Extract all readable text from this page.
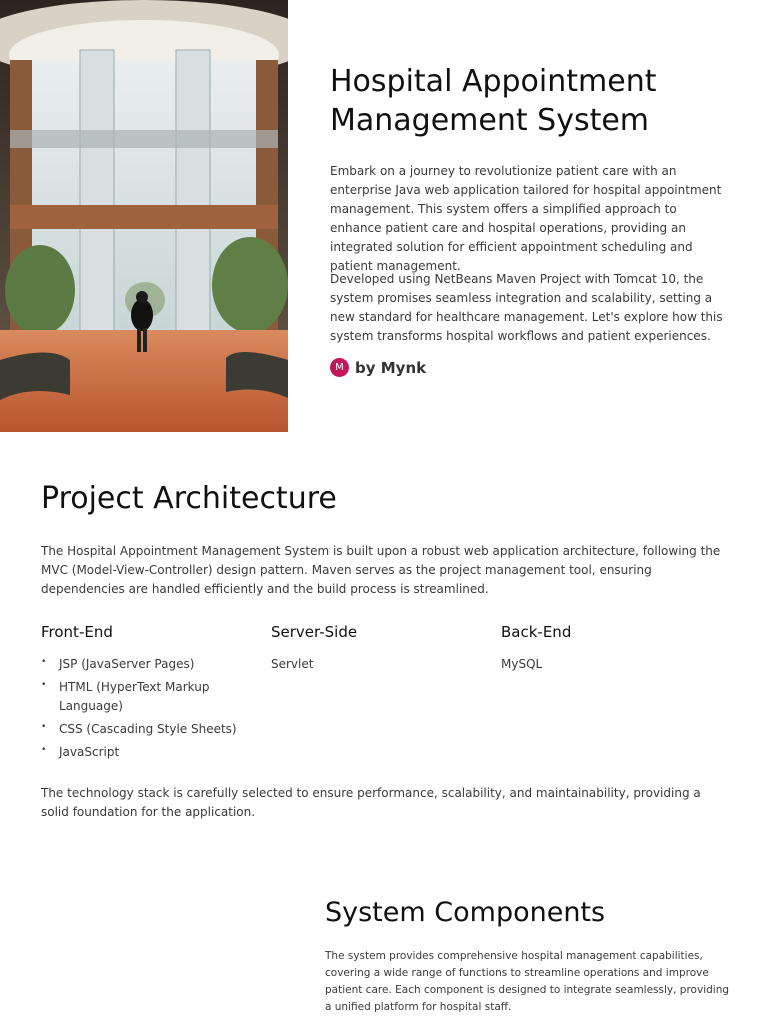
Hospital Appointment Management System

Embark on a journey to revolutionize patient care with an enterprise Java web application tailored for hospital appointment management. This system offers a simplified approach to enhance patient care and hospital operations, providing an integrated solution for efficient appointment scheduling and patient management.

Developed using NetBeans Maven Project with Tomcat 10, the system promises seamless integration and scalability, setting a new standard for healthcare management. Let's explore how this system transforms hospital workflows and patient experiences.

M by Mynk
Project Architecture

The Hospital Appointment Management System is built upon a robust web application architecture, following the MVC (Model-View-Controller) design pattern. Maven serves as the project management tool, ensuring dependencies are handled efficiently and the build process is streamlined.

Front-End
• JSP (JavaServer Pages)
• HTML (HyperText Markup Language)
• CSS (Cascading Style Sheets)
• JavaScript
Server-Side
Servlet
Back-End
MySQL

The technology stack is carefully selected to ensure performance, scalability, and maintainability, providing a solid foundation for the application.

System Components

The system provides comprehensive hospital management capabilities, covering a wide range of functions to streamline operations and improve patient care. Each component is designed to integrate seamlessly, providing a unified platform for hospital staff.
